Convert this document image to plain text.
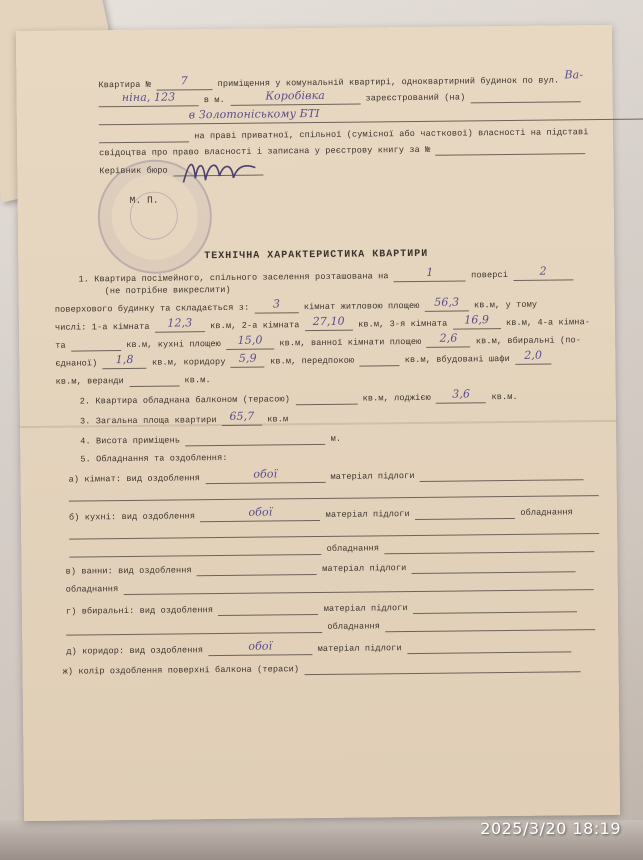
Квартира №	7	приміщення у комунальній квартирі, одноквартирний будинок по вул. Ва-
ніна, 123	в м.	Коробівка	зареєстрований (на)
в Золотоніському БТІ
на праві приватної, спільної (сумісної або часткової) власності на підставі
свідоцтва про право власності і записана у реєстрову книгу за №
Керівник бюро
М. П.
ТЕХНІЧНА ХАРАКТЕРИСТИКА КВАРТИРИ
1. Квартира посімейного, спільного заселення розташована на	1	поверсі	2
(не потрібне викреслити)
поверхового будинку та складається з: 3	кімнат житловою площею 56,3 кв.м, у тому
числі: 1-а кімната 12,3 кв.м, 2-а кімната 27,10 кв.м, 3-я кімната 16,9 кв.м, 4-а кімна-
та	кв.м, кухні площею 15,0 кв.м, ванної кімнати площею 2,6 кв.м, вбиральні (по-
єднаної) 1,8 кв.м, коридору 5,9 кв.м, передпокою	кв.м, вбудовані шафи 2,0
кв.м, веранди	кв.м.
2. Квартира обладнана балконом (терасою)	кв.м, лоджією 3,6 кв.м.
3. Загальна площа квартири 65,7 кв.м
4. Висота приміщень	м.
5. Обладнання та оздоблення:
а) кімнат: вид оздоблення	обої	матеріал підлоги
б) кухні: вид оздоблення	обої	матеріал підлоги	обладнання
обладнання
в) ванни: вид оздоблення	матеріал підлоги
обладнання
г) вбиральні: вид оздоблення	матеріал підлоги
обладнання
д) коридор: вид оздоблення	обої	матеріал підлоги
ж) колір оздоблення поверхні балкона (тераси)
2025/3/20 18:19
